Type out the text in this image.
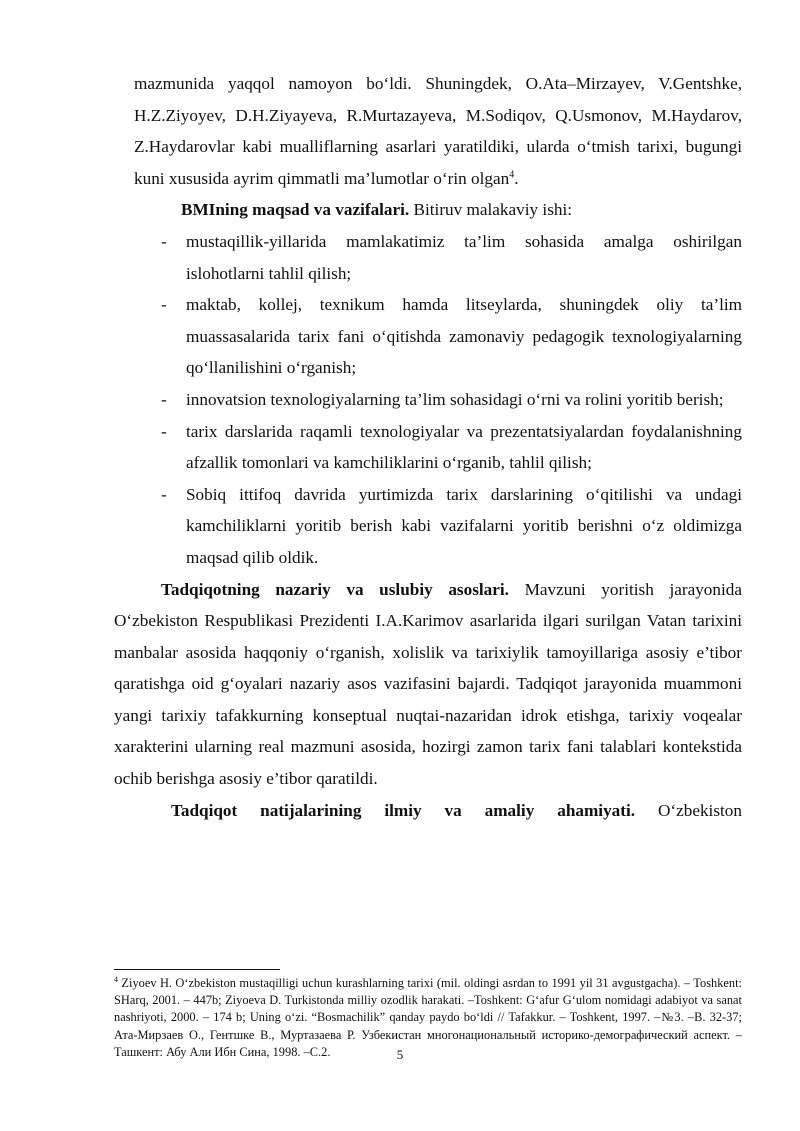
mazmunida yaqqol namoyon bo‘ldi. Shuningdek, O.Ata–Mirzayev, V.Gentshke, H.Z.Ziyoyev, D.H.Ziyayeva, R.Murtazayeva, M.Sodiqov, Q.Usmonov, M.Haydarov, Z.Haydarovlar kabi mualliflarning asarlari yaratildiki, ularda o‘tmish tarixi, bugungi kuni xususida ayrim qimmatli ma’lumotlar o‘rin olgan$^4$.

BMIning maqsad va vazifalari. Bitiruv malakaviy ishi:

- mustaqillik-yillarida mamlakatimiz ta’lim sohasida amalga oshirilgan islohotlarni tahlil qilish;
- maktab, kollej, texnikum hamda litseylarda, shuningdek oliy ta’lim muassasalarida tarix fani o‘qitishda zamonaviy pedagogik texnologiyalarning qo‘llanilishini o‘rganish;
- innovatsion texnologiyalarning ta’lim sohasidagi o‘rni va rolini yoritib berish;
- tarix darslarida raqamli texnologiyalar va prezentatsiyalardan foydalanishning afzallik tomonlari va kamchiliklarini o‘rganib, tahlil qilish;
- Sobiq ittifoq davrida yurtimizda tarix darslarining o‘qitilishi va undagi kamchiliklarni yoritib berish kabi vazifalarni yoritib berishni o‘z oldimizga maqsad qilib oldik.

Tadqiqotning nazariy va uslubiy asoslari. Mavzuni yoritish jarayonida O‘zbekiston Respublikasi Prezidenti I.A.Karimov asarlarida ilgari surilgan Vatan tarixini manbalar asosida haqqoniy o‘rganish, xolislik va tarixiylik tamoyillariga asosiy e’tibor qaratishga oid g‘oyalari nazariy asos vazifasini bajardi. Tadqiqot jarayonida muammoni yangi tarixiy tafakkurning konseptual nuqtai-nazaridan idrok etishga, tarixiy voqealar xarakterini ularning real mazmuni asosida, hozirgi zamon tarix fani talablari kontekstida ochib berishga asosiy e’tibor qaratildi.

Tadqiqot natijalarining ilmiy va amaliy ahamiyati. O‘zbekiston

$^4$ Ziyoev H. O‘zbekiston mustaqilligi uchun kurashlarning tarixi (mil. oldingi asrdan to 1991 yil 31 avgustgacha). – Toshkent: SHarq, 2001. – 447b; Ziyoeva D. Turkistonda milliy ozodlik harakati. –Toshkent: G‘afur G‘ulom nomidagi adabiyot va sanat nashriyoti, 2000. – 174 b; Uning o‘zi. “Bosmachilik” qanday paydo bo‘ldi // Tafakkur. – Toshkent, 1997. –№3. –B. 32-37; Ата-Мирзаев О., Гентшке В., Муртазаева Р. Узбекистан многонациональный историко-демографический аспект. –Ташкент: Абу Али Ибн Сина, 1998. –С.2.	5
